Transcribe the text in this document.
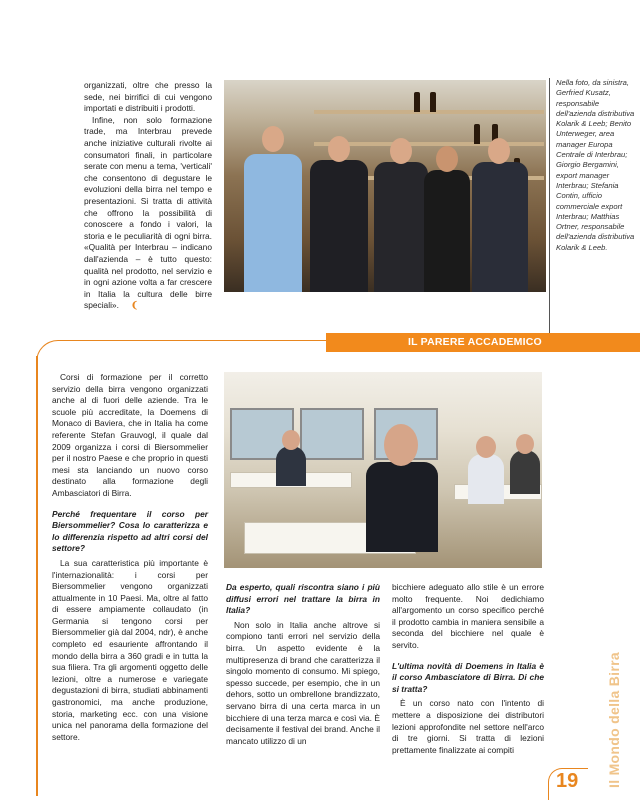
organizzati, oltre che presso la sede, nei birrifici di cui vengono importati e distribuiti i prodotti.

Infine, non solo formazione trade, ma Interbrau prevede anche iniziative culturali rivolte ai consumatori finali, in particolare serate con menu a tema, 'verticali' che consentono di degustare le evoluzioni della birra nel tempo e presentazioni. Si tratta di attività che offrono la possibilità di conoscere a fondo i valori, la storia e le peculiarità di ogni birra. «Qualità per Interbrau – indicano dall'azienda – è tutto questo: qualità nel prodotto, nel servizio e in ogni azione volta a far crescere in Italia la cultura delle birre speciali». ❨

Nella foto, da sinistra, Gerfried Kusatz, responsabile dell'azienda distributiva Kolarik & Leeb; Benito Unterweger, area manager Europa Centrale di Interbrau; Giorgio Bergamini, export manager Interbrau; Stefania Contin, ufficio commerciale export Interbrau; Matthias Ortner, responsabile dell'azienda distributiva Kolarik & Leeb.
IL PARERE ACCADEMICO

Corsi di formazione per il corretto servizio della birra vengono organizzati anche al di fuori delle aziende. Tra le scuole più accreditate, la Doemens di Monaco di Baviera, che in Italia ha come referente Stefan Grauvogl, il quale dal 2009 organizza i corsi di Biersommelier per il nostro Paese e che proprio in questi mesi sta lanciando un nuovo corso destinato alla formazione degli Ambasciatori di Birra.

Perché frequentare il corso per Biersommelier? Cosa lo caratterizza e lo differenzia rispetto ad altri corsi del settore?

La sua caratteristica più importante è l'internazionalità: i corsi per Biersommelier vengono organizzati attualmente in 10 Paesi. Ma, oltre al fatto di essere ampiamente collaudato (in Germania si tengono corsi per Biersommelier già dal 2004, ndr), è anche completo ed esauriente affrontando il mondo della birra a 360 gradi e in tutta la sua filiera. Tra gli argomenti oggetto delle lezioni, oltre a numerose e variegate degustazioni di birra, studiati abbinamenti gastronomici, ma anche produzione, storia, marketing ecc. con una visione unica nel panorama della formazione del settore.

Da esperto, quali riscontra siano i più diffusi errori nel trattare la birra in Italia?

Non solo in Italia anche altrove si compiono tanti errori nel servizio della birra. Un aspetto evidente è la multipresenza di brand che caratterizza il singolo momento di consumo. Mi spiego, spesso succede, per esempio, che in un dehors, sotto un ombrellone brandizzato, servano birra di una certa marca in un bicchiere di una terza marca e così via. È decisamente il festival dei brand. Anche il mancato utilizzo di un

bicchiere adeguato allo stile è un errore molto frequente. Noi dedichiamo all'argomento un corso specifico perché il prodotto cambia in maniera sensibile a seconda del bicchiere nel quale è servito.

L'ultima novità di Doemens in Italia è il corso Ambasciatore di Birra. Di che si tratta?

È un corso nato con l'intento di mettere a disposizione dei distributori lezioni approfondite nel settore nell'arco di tre giorni. Si tratta di lezioni prettamente finalizzate ai compiti

19 Il Mondo della Birra
